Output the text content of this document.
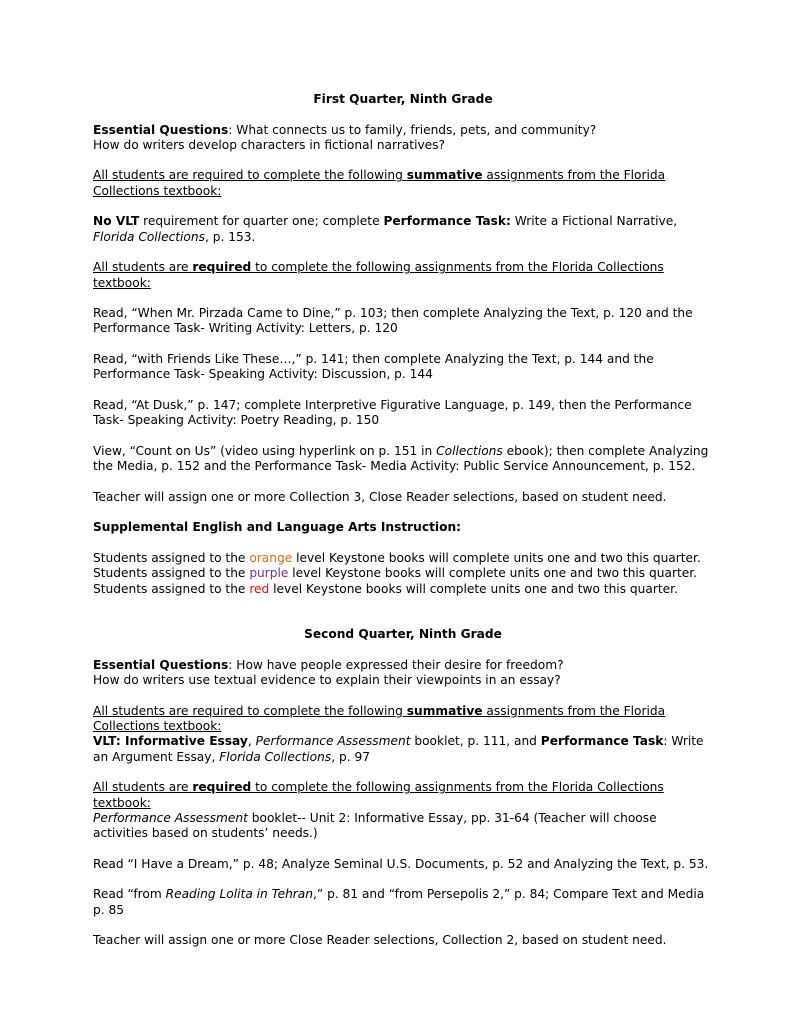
First Quarter, Ninth Grade

Essential Questions: What connects us to family, friends, pets, and community?
How do writers develop characters in fictional narratives?

All students are required to complete the following summative assignments from the Florida Collections textbook:

No VLT requirement for quarter one; complete Performance Task: Write a Fictional Narrative, Florida Collections, p. 153.

All students are required to complete the following assignments from the Florida Collections textbook:

Read, “When Mr. Pirzada Came to Dine,” p. 103; then complete Analyzing the Text, p. 120 and the Performance Task- Writing Activity: Letters, p. 120

Read, “with Friends Like These…,” p. 141; then complete Analyzing the Text, p. 144 and the Performance Task- Speaking Activity: Discussion, p. 144

Read, “At Dusk,” p. 147; complete Interpretive Figurative Language, p. 149, then the Performance Task- Speaking Activity: Poetry Reading, p. 150

View, “Count on Us” (video using hyperlink on p. 151 in Collections ebook); then complete Analyzing the Media, p. 152 and the Performance Task- Media Activity: Public Service Announcement, p. 152.

Teacher will assign one or more Collection 3, Close Reader selections, based on student need.

Supplemental English and Language Arts Instruction:

Students assigned to the orange level Keystone books will complete units one and two this quarter.

Students assigned to the purple level Keystone books will complete units one and two this quarter.

Students assigned to the red level Keystone books will complete units one and two this quarter.

Second Quarter, Ninth Grade

Essential Questions: How have people expressed their desire for freedom?
How do writers use textual evidence to explain their viewpoints in an essay?

All students are required to complete the following summative assignments from the Florida Collections textbook:

VLT: Informative Essay, Performance Assessment booklet, p. 111, and Performance Task: Write an Argument Essay, Florida Collections, p. 97

All students are required to complete the following assignments from the Florida Collections textbook:

Performance Assessment booklet-- Unit 2: Informative Essay, pp. 31-64 (Teacher will choose activities based on students’ needs.)

Read “I Have a Dream,” p. 48; Analyze Seminal U.S. Documents, p. 52 and Analyzing the Text, p. 53.

Read “from Reading Lolita in Tehran,” p. 81 and “from Persepolis 2,” p. 84; Compare Text and Media p. 85

Teacher will assign one or more Close Reader selections, Collection 2, based on student need.
